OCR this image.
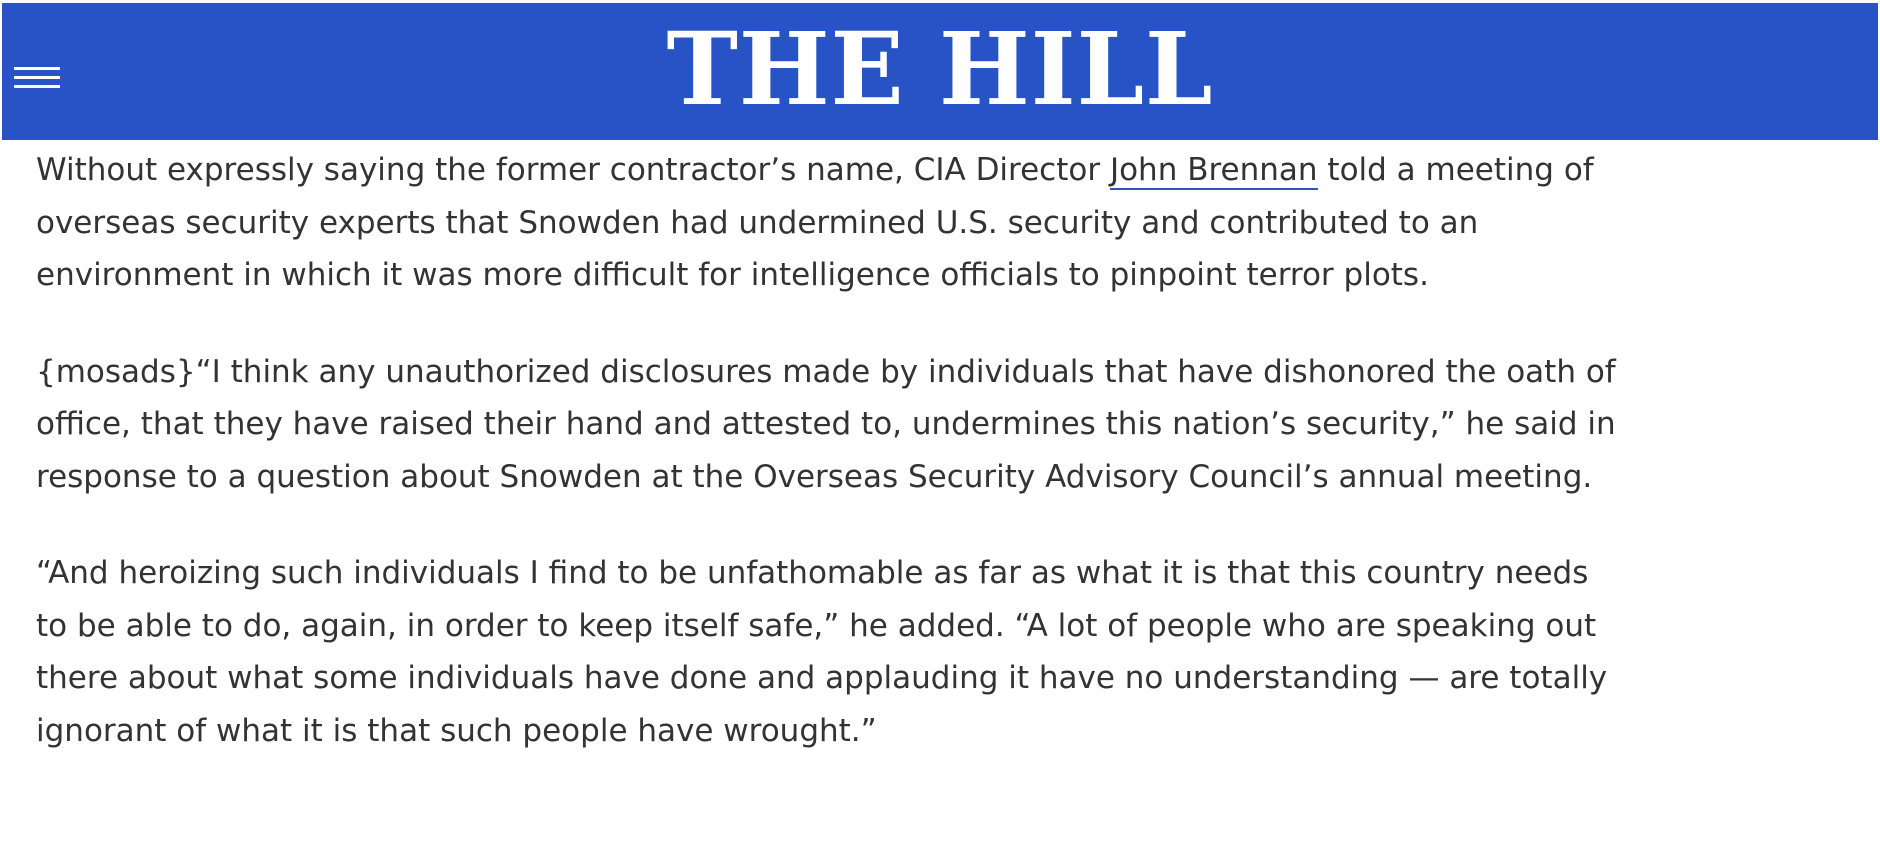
THE HILL

Without expressly saying the former contractor’s name, CIA Director John Brennan told a meeting of overseas security experts that Snowden had undermined U.S. security and contributed to an environment in which it was more difficult for intelligence officials to pinpoint terror plots.

{mosads}“I think any unauthorized disclosures made by individuals that have dishonored the oath of office, that they have raised their hand and attested to, undermines this nation’s security,” he said in response to a question about Snowden at the Overseas Security Advisory Council’s annual meeting.

“And heroizing such individuals I find to be unfathomable as far as what it is that this country needs to be able to do, again, in order to keep itself safe,” he added. “A lot of people who are speaking out there about what some individuals have done and applauding it have no understanding — are totally ignorant of what it is that such people have wrought.”
